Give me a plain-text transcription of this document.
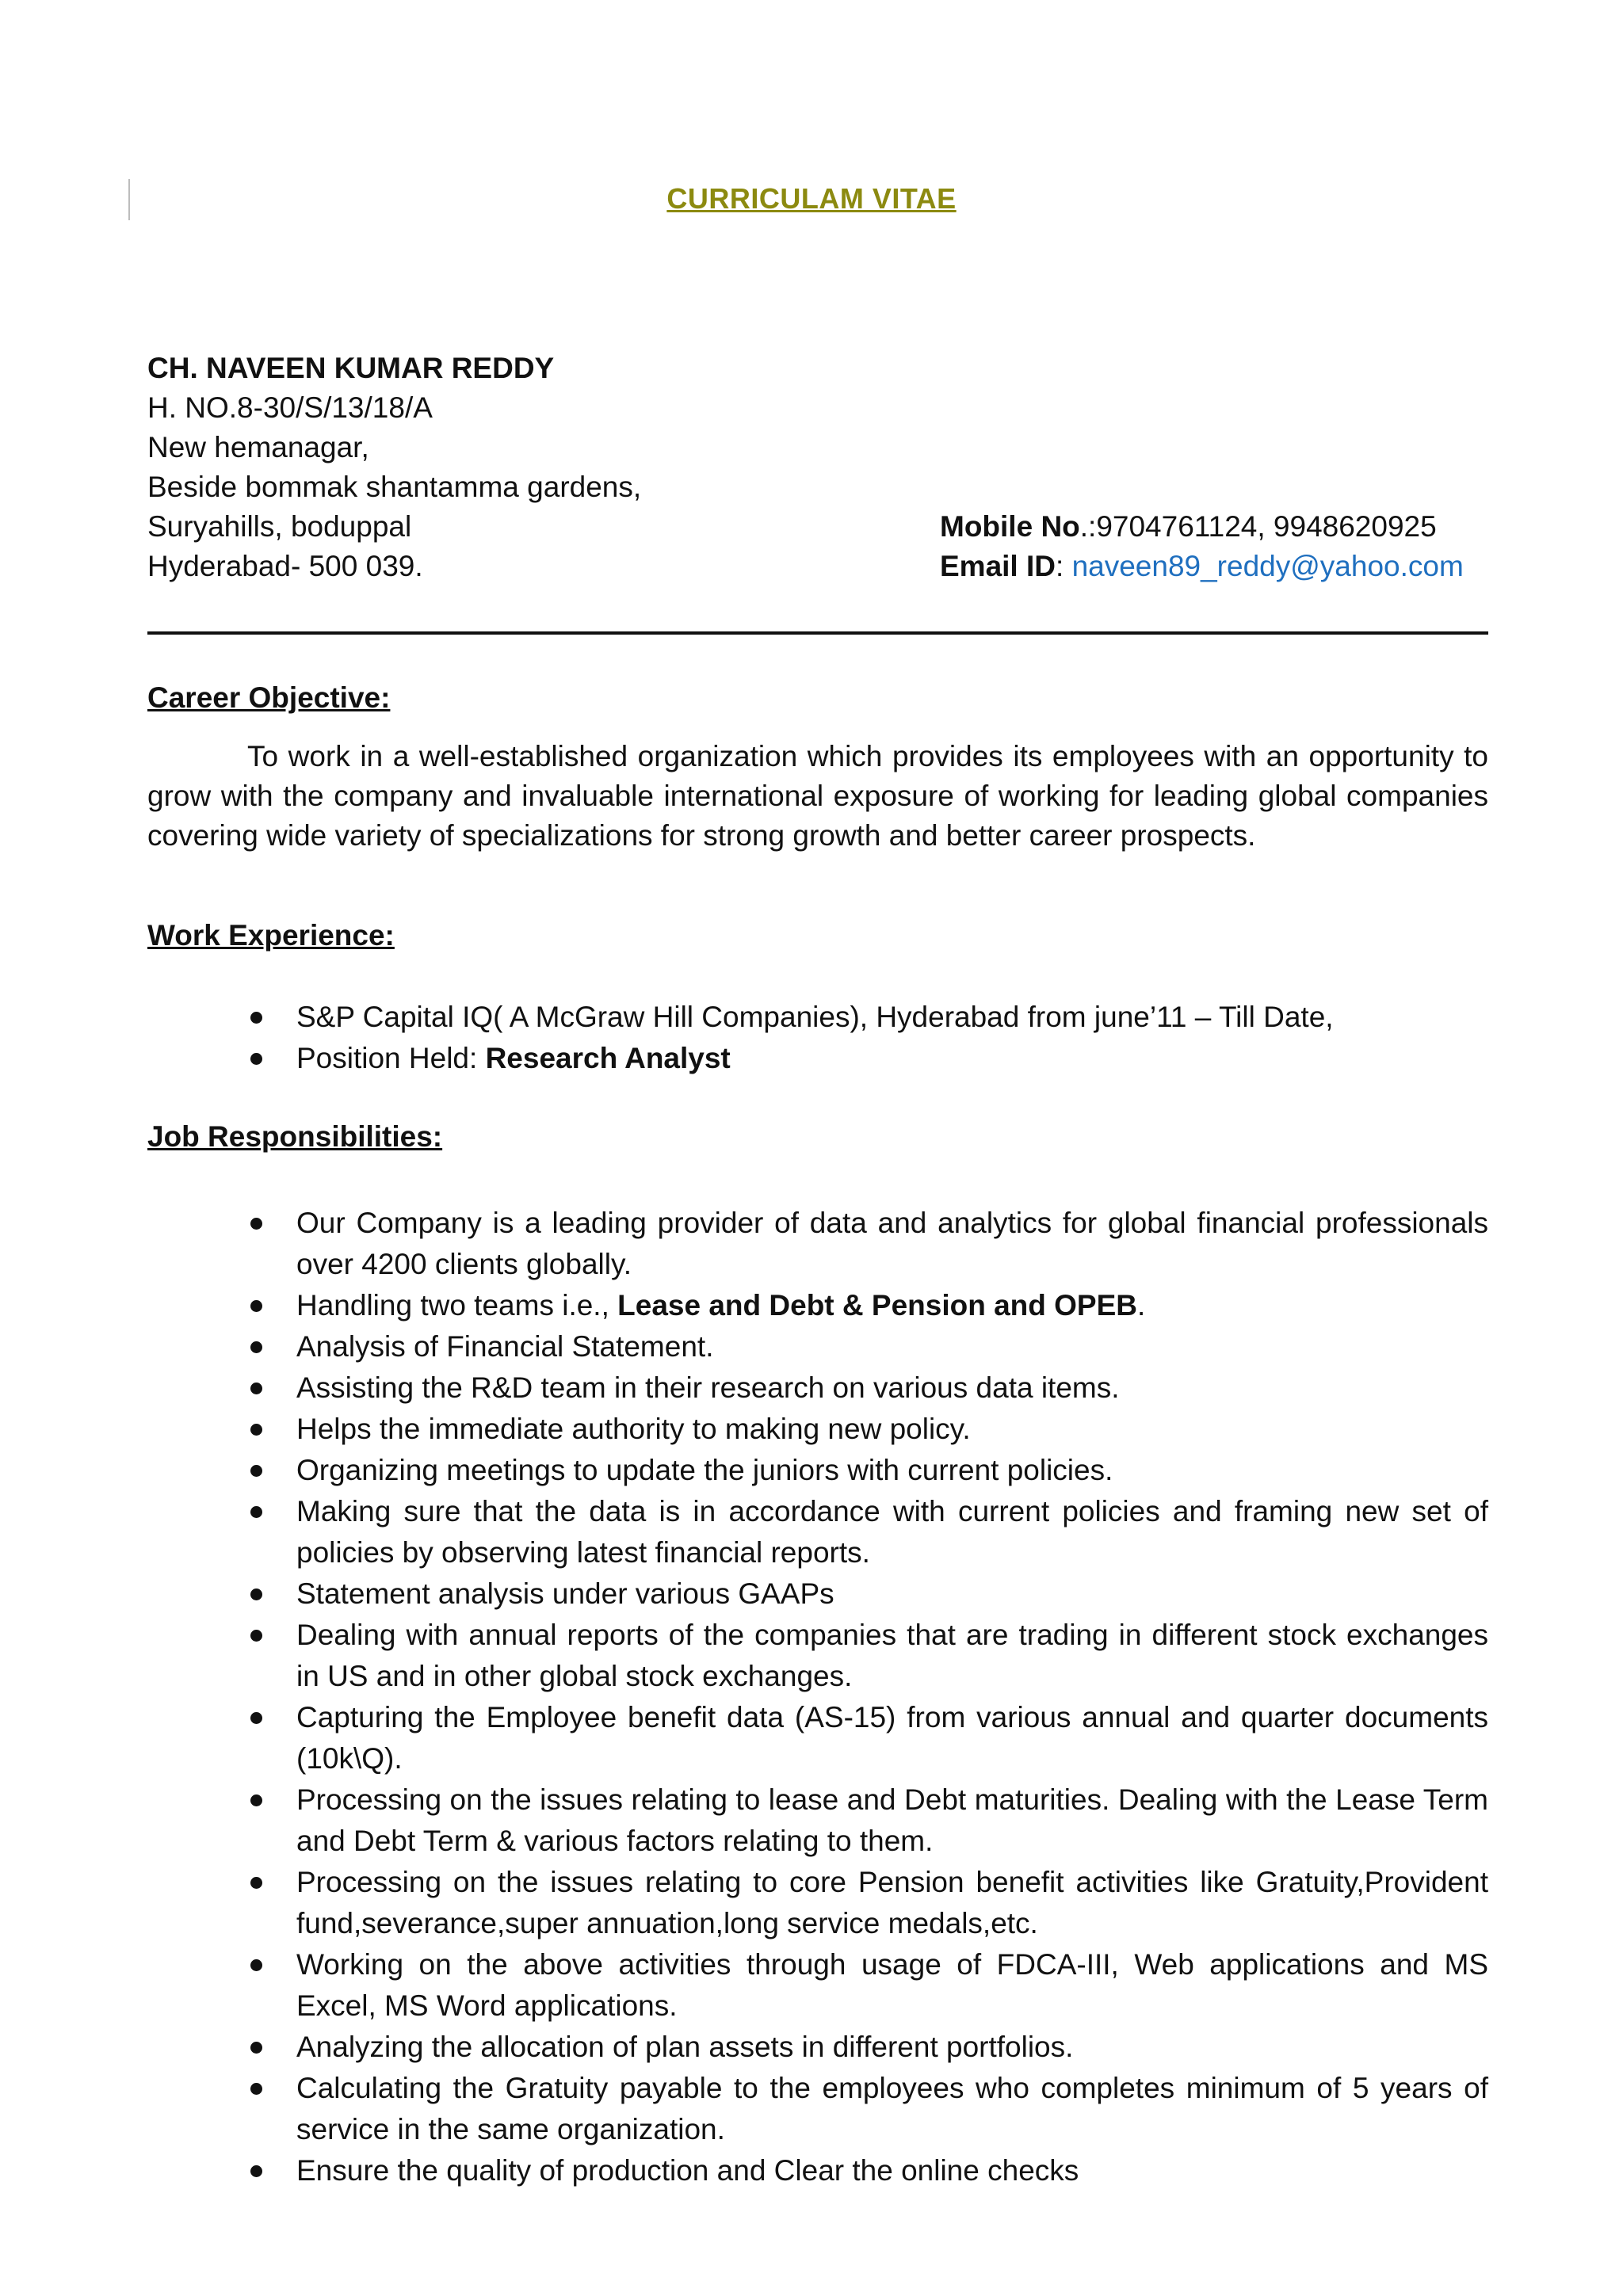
CURRICULAM VITAE
CH. NAVEEN KUMAR REDDY
H. NO.8-30/S/13/18/A
New hemanagar,
Beside bommak shantamma gardens,
Suryahills, boduppal
Hyderabad- 500 039.
Mobile No.:9704761124, 9948620925
Email ID: naveen89_reddy@yahoo.com
Career Objective:
To work in a well-established organization which provides its employees with an opportunity to grow with the company and invaluable international exposure of working for leading global companies covering wide variety of specializations for strong growth and better career prospects.
Work Experience:
S&P Capital IQ( A McGraw Hill Companies), Hyderabad from june’11 – Till Date,
Position Held: Research Analyst
Job Responsibilities:
Our Company is a leading provider of data and analytics for global financial professionals over 4200 clients globally.
Handling two teams i.e., Lease and Debt & Pension and OPEB.
Analysis of Financial Statement.
Assisting the R&D team in their research on various data items.
Helps the immediate authority to making new policy.
Organizing meetings to update the juniors with current policies.
Making sure that the data is in accordance with current policies and framing new set of policies by observing latest financial reports.
Statement analysis under various GAAPs
Dealing with annual reports of the companies that are trading in different stock exchanges in US and in other global stock exchanges.
Capturing the Employee benefit data (AS-15) from various annual and quarter documents (10k\Q).
Processing on the issues relating to lease and Debt maturities. Dealing with the Lease Term and Debt Term & various factors relating to them.
Processing on the issues relating to core Pension benefit activities like Gratuity,Provident fund,severance,super annuation,long service medals,etc.
Working on the above activities through usage of FDCA-III, Web applications and MS Excel, MS Word applications.
Analyzing the allocation of plan assets in different portfolios.
Calculating the Gratuity payable to the employees who completes minimum of 5 years of service in the same organization.
Ensure the quality of production and Clear the online checks
